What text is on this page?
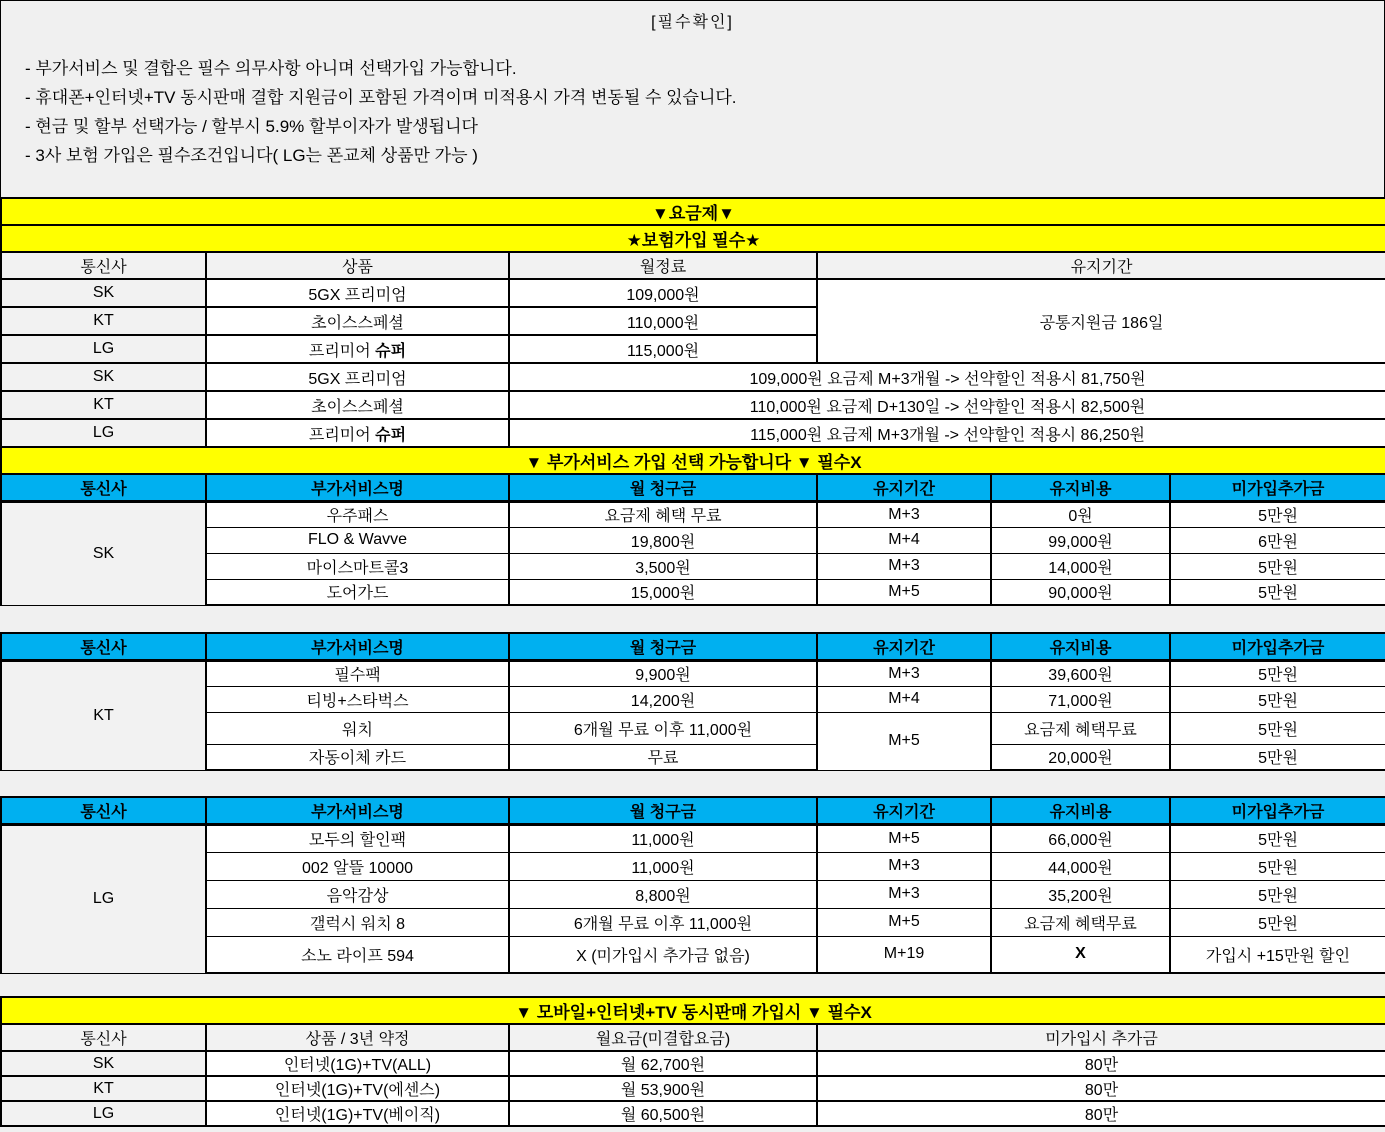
[필수확인]
- 부가서비스 및 결합은 필수 의무사항 아니며 선택가입 가능합니다.
- 휴대폰+인터넷+TV 동시판매 결합 지원금이 포함된 가격이며 미적용시 가격 변동될 수 있습니다.
- 현금 및 할부 선택가능 / 할부시 5.9% 할부이자가 발생됩니다
- 3사 보험 가입은 필수조건입니다( LG는 폰교체 상품만 가능 )
▼요금제▼					
★보험가입 필수★					
통신사	상품	월정료	유지기간		
SK	5GX 프리미엄	109,000원	공통지원금 186일		
KT	초이스스페셜	110,000원			
LG	프리미어 슈퍼	115,000원			
SK	5GX 프리미엄	109,000원 요금제 M+3개월 -> 선약할인 적용시 81,750원			
KT	초이스스페셜	110,000원 요금제 D+130일 -> 선약할인 적용시 82,500원			
LG	프리미어 슈퍼	115,000원 요금제 M+3개월 -> 선약할인 적용시 86,250원			
▼ 부가서비스 가입 선택 가능합니다 ▼ 필수X					
통신사	부가서비스명	월 청구금	유지기간	유지비용	미가입추가금
SK	우주패스	요금제 혜택 무료	M+3	0원	5만원
	FLO & Wavve	19,800원	M+4	99,000원	6만원
	마이스마트콜3	3,500원	M+3	14,000원	5만원
	도어가드	15,000원	M+5	90,000원	5만원
통신사	부가서비스명	월 청구금	유지기간	유지비용	미가입추가금
KT	필수팩	9,900원	M+3	39,600원	5만원
	티빙+스타벅스	14,200원	M+4	71,000원	5만원
	워치	6개월 무료 이후 11,000원	M+5	요금제 혜택무료	5만원
	자동이체 카드	무료		20,000원	5만원
통신사	부가서비스명	월 청구금	유지기간	유지비용	미가입추가금
LG	모두의 할인팩	11,000원	M+5	66,000원	5만원
	002 알뜰 10000	11,000원	M+3	44,000원	5만원
	음악감상	8,800원	M+3	35,200원	5만원
	갤럭시 워치 8	6개월 무료 이후 11,000원	M+5	요금제 혜택무료	5만원
	소노 라이프 594	X (미가입시 추가금 없음)	M+19	X	가입시 +15만원 할인
▼ 모바일+인터넷+TV 동시판매 가입시 ▼ 필수X			
통신사	상품 / 3년 약정	월요금(미결합요금)	미가입시 추가금
SK	인터넷(1G)+TV(ALL)	월 62,700원	80만
KT	인터넷(1G)+TV(에센스)	월 53,900원	80만
LG	인터넷(1G)+TV(베이직)	월 60,500원	80만
